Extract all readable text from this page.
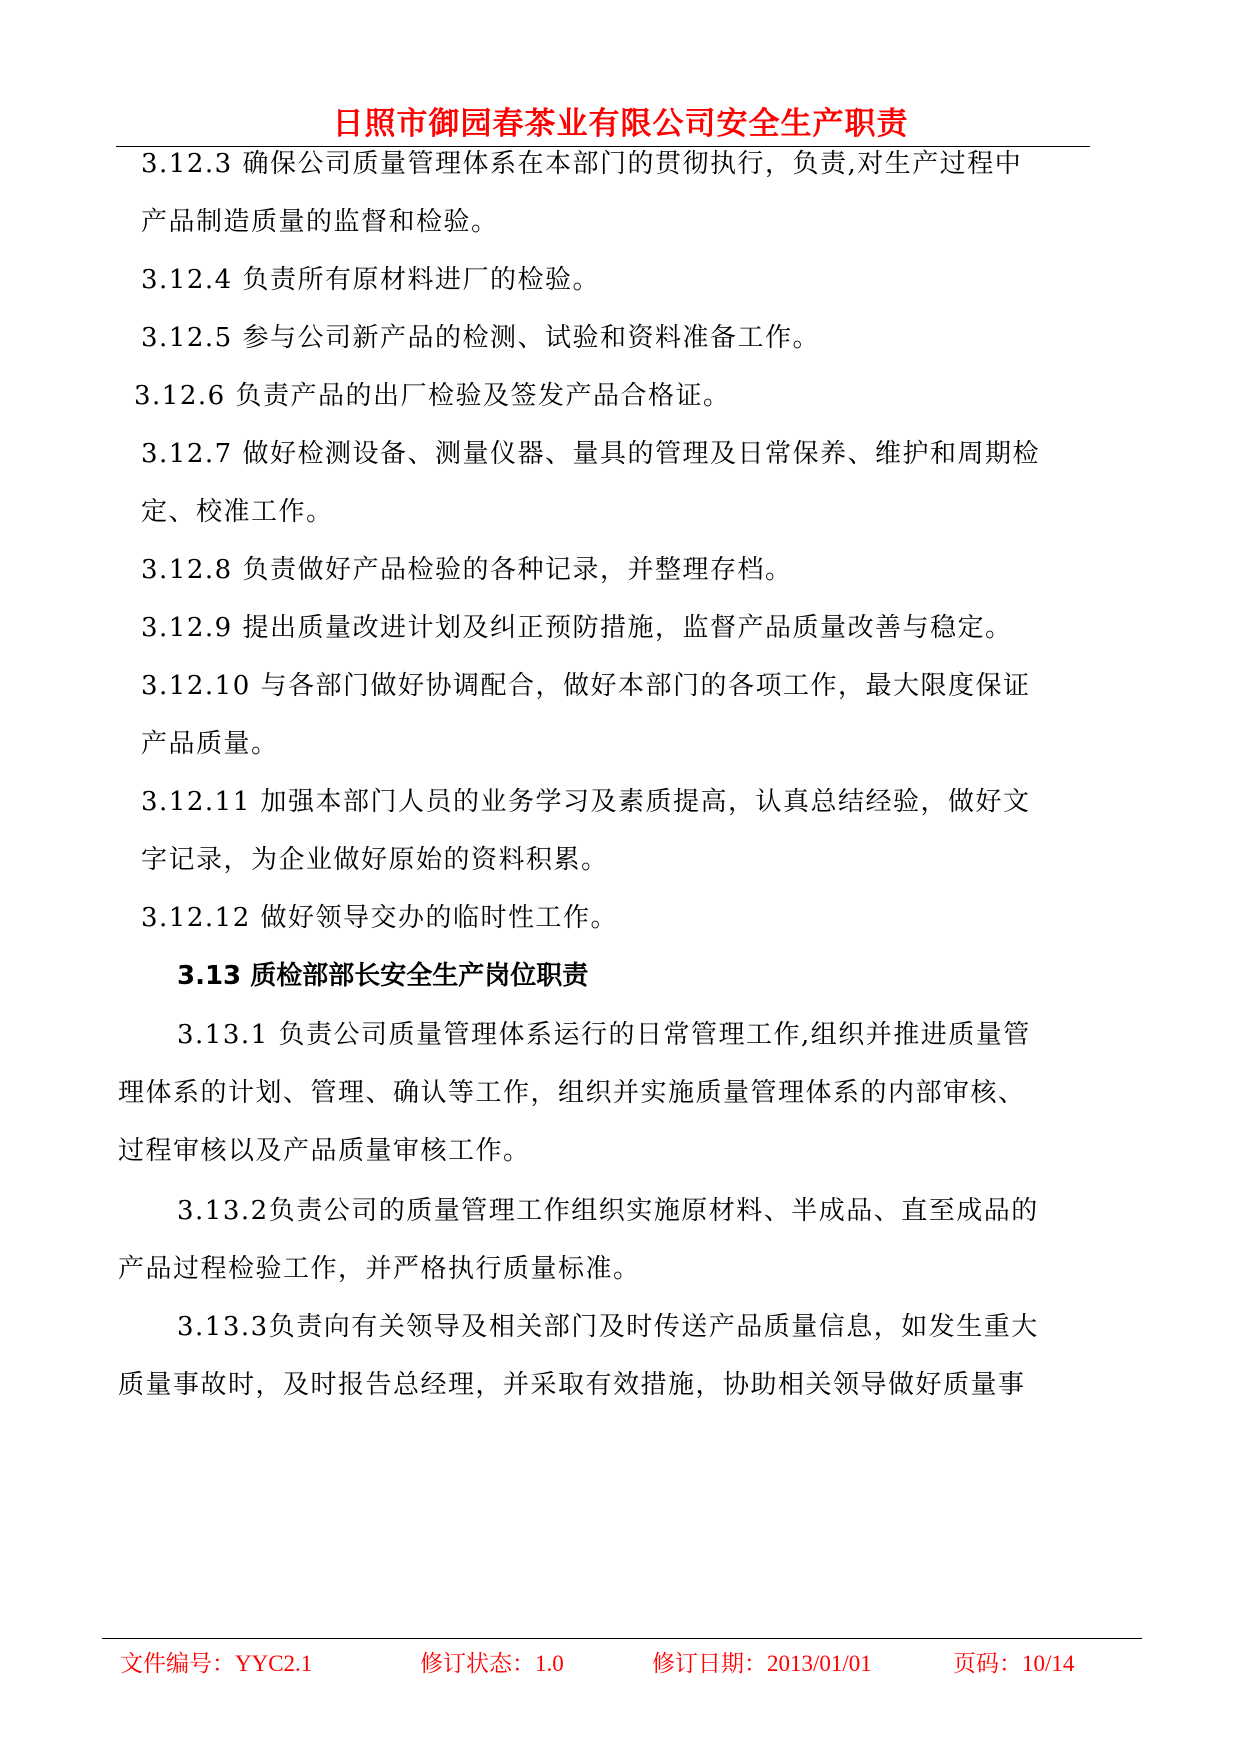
日照市御园春茶业有限公司安全生产职责
3.12.3 确保公司质量管理体系在本部门的贯彻执行，负责,对生产过程中
产品制造质量的监督和检验。
3.12.4 负责所有原材料进厂的检验。
3.12.5 参与公司新产品的检测、试验和资料准备工作。
3.12.6 负责产品的出厂检验及签发产品合格证。
3.12.7 做好检测设备、测量仪器、量具的管理及日常保养、维护和周期检
定、校准工作。
3.12.8 负责做好产品检验的各种记录，并整理存档。
3.12.9 提出质量改进计划及纠正预防措施，监督产品质量改善与稳定。
3.12.10 与各部门做好协调配合，做好本部门的各项工作，最大限度保证
产品质量。
3.12.11 加强本部门人员的业务学习及素质提高，认真总结经验，做好文
字记录，为企业做好原始的资料积累。
3.12.12 做好领导交办的临时性工作。
3.13 质检部部长安全生产岗位职责
3.13.1 负责公司质量管理体系运行的日常管理工作,组织并推进质量管
理体系的计划、管理、确认等工作，组织并实施质量管理体系的内部审核、
过程审核以及产品质量审核工作。
3.13.2负责公司的质量管理工作组织实施原材料、半成品、直至成品的
产品过程检验工作，并严格执行质量标准。
3.13.3负责向有关领导及相关部门及时传送产品质量信息，如发生重大
质量事故时，及时报告总经理，并采取有效措施，协助相关领导做好质量事
文件编号：YYC2.1	修订状态：1.0	修订日期：2013/01/01	页码：10/14
